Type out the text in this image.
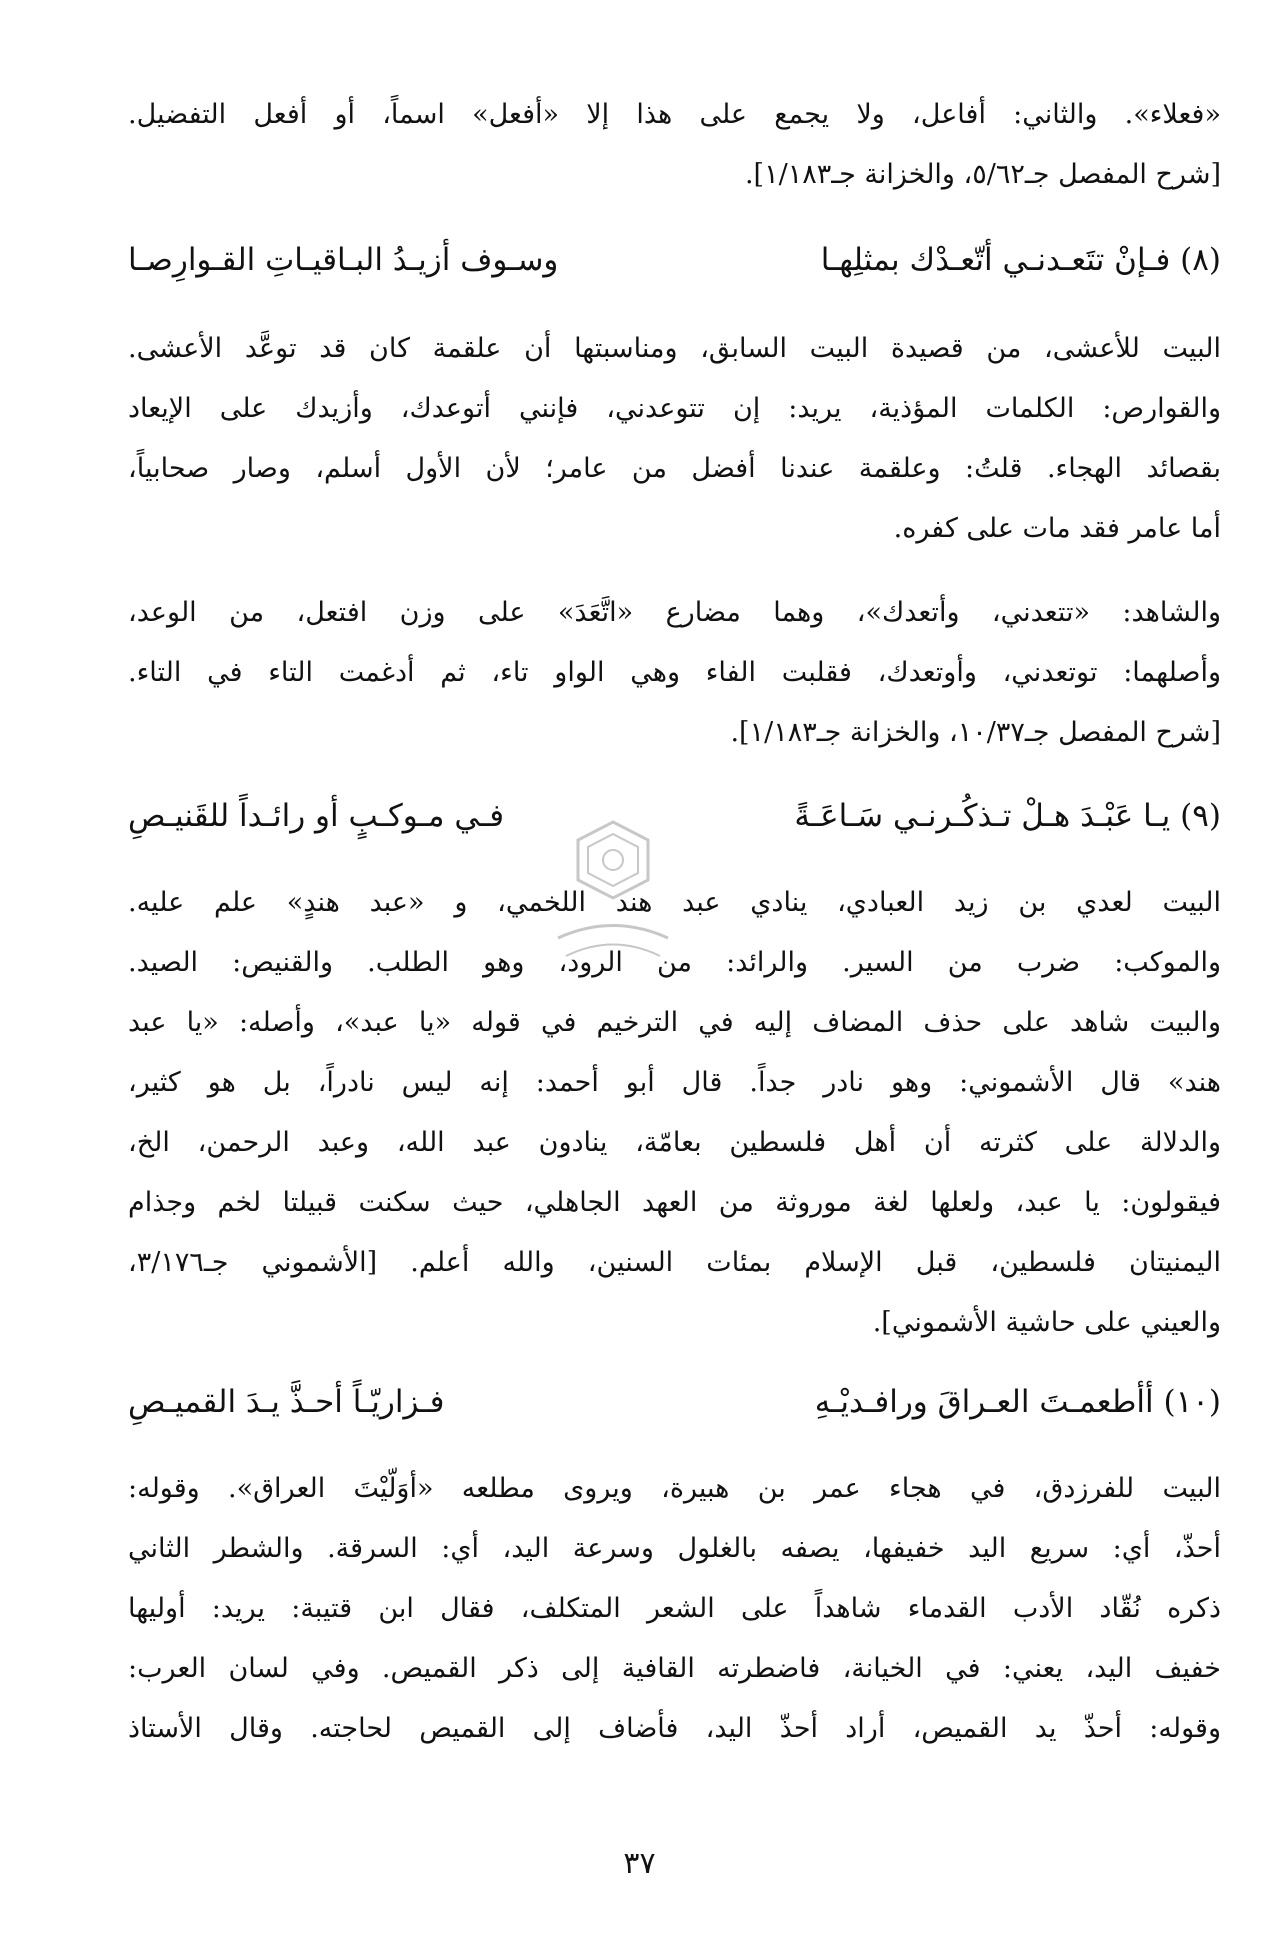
«فعلاء». والثاني: أفاعل، ولا يجمع على هذا إلا «أفعل» اسماً، أو أفعل التفضيل.
[شرح المفصل جـ٥/٦٢، والخزانة جـ١/١٨٣].
(٨) فـإنْ تتَعـدنـي أتّعـدْك بمثلِهـا
وسـوف أزيـدُ البـاقيـاتِ القـوارِصـا
البيت للأعشى، من قصيدة البيت السابق، ومناسبتها أن علقمة كان قد توعَّد الأعشى.
والقوارص: الكلمات المؤذية، يريد: إن تتوعدني، فإنني أتوعدك، وأزيدك على الإيعاد
بقصائد الهجاء. قلتُ: وعلقمة عندنا أفضل من عامر؛ لأن الأول أسلم، وصار صحابياً،
أما عامر فقد مات على كفره.
والشاهد: «تتعدني، وأتعدك»، وهما مضارع «اتَّعَدَ» على وزن افتعل، من الوعد،
وأصلهما: توتعدني، وأوتعدك، فقلبت الفاء وهي الواو تاء، ثم أدغمت التاء في التاء.
[شرح المفصل جـ١٠/٣٧، والخزانة جـ١/١٨٣].
(٩) يـا عَبْـدَ هـلْ تـذكُـرنـي سَـاعَـةً
فـي مـوكـبٍ أو رائـداً للقَنيـصِ
البيت لعدي بن زيد العبادي، ينادي عبد هند اللخمي، و «عبد هندٍ» علم عليه.
والموكب: ضرب من السير. والرائد: من الرود، وهو الطلب. والقنيص: الصيد.
والبيت شاهد على حذف المضاف إليه في الترخيم في قوله «يا عبد»، وأصله: «يا عبد
هند» قال الأشموني: وهو نادر جداً. قال أبو أحمد: إنه ليس نادراً، بل هو كثير،
والدلالة على كثرته أن أهل فلسطين بعامّة، ينادون عبد الله، وعبد الرحمن، الخ،
فيقولون: يا عبد، ولعلها لغة موروثة من العهد الجاهلي، حيث سكنت قبيلتا لخم وجذام
اليمنيتان فلسطين، قبل الإسلام بمئات السنين، والله أعلم. [الأشموني جـ٣/١٧٦،
والعيني على حاشية الأشموني].
(١٠) أأطعمـتَ العـراقَ ورافـديْـهِ
فـزاريّـاً أحـذَّ يـدَ القميـصِ
البيت للفرزدق، في هجاء عمر بن هبيرة، ويروى مطلعه «أوَلّيْتَ العراق». وقوله:
أحذّ، أي: سريع اليد خفيفها، يصفه بالغلول وسرعة اليد، أي: السرقة. والشطر الثاني
ذكره نُقّاد الأدب القدماء شاهداً على الشعر المتكلف، فقال ابن قتيبة: يريد: أوليها
خفيف اليد، يعني: في الخيانة، فاضطرته القافية إلى ذكر القميص. وفي لسان العرب:
وقوله: أحذّ يد القميص، أراد أحذّ اليد، فأضاف إلى القميص لحاجته. وقال الأستاذ
٣٧
